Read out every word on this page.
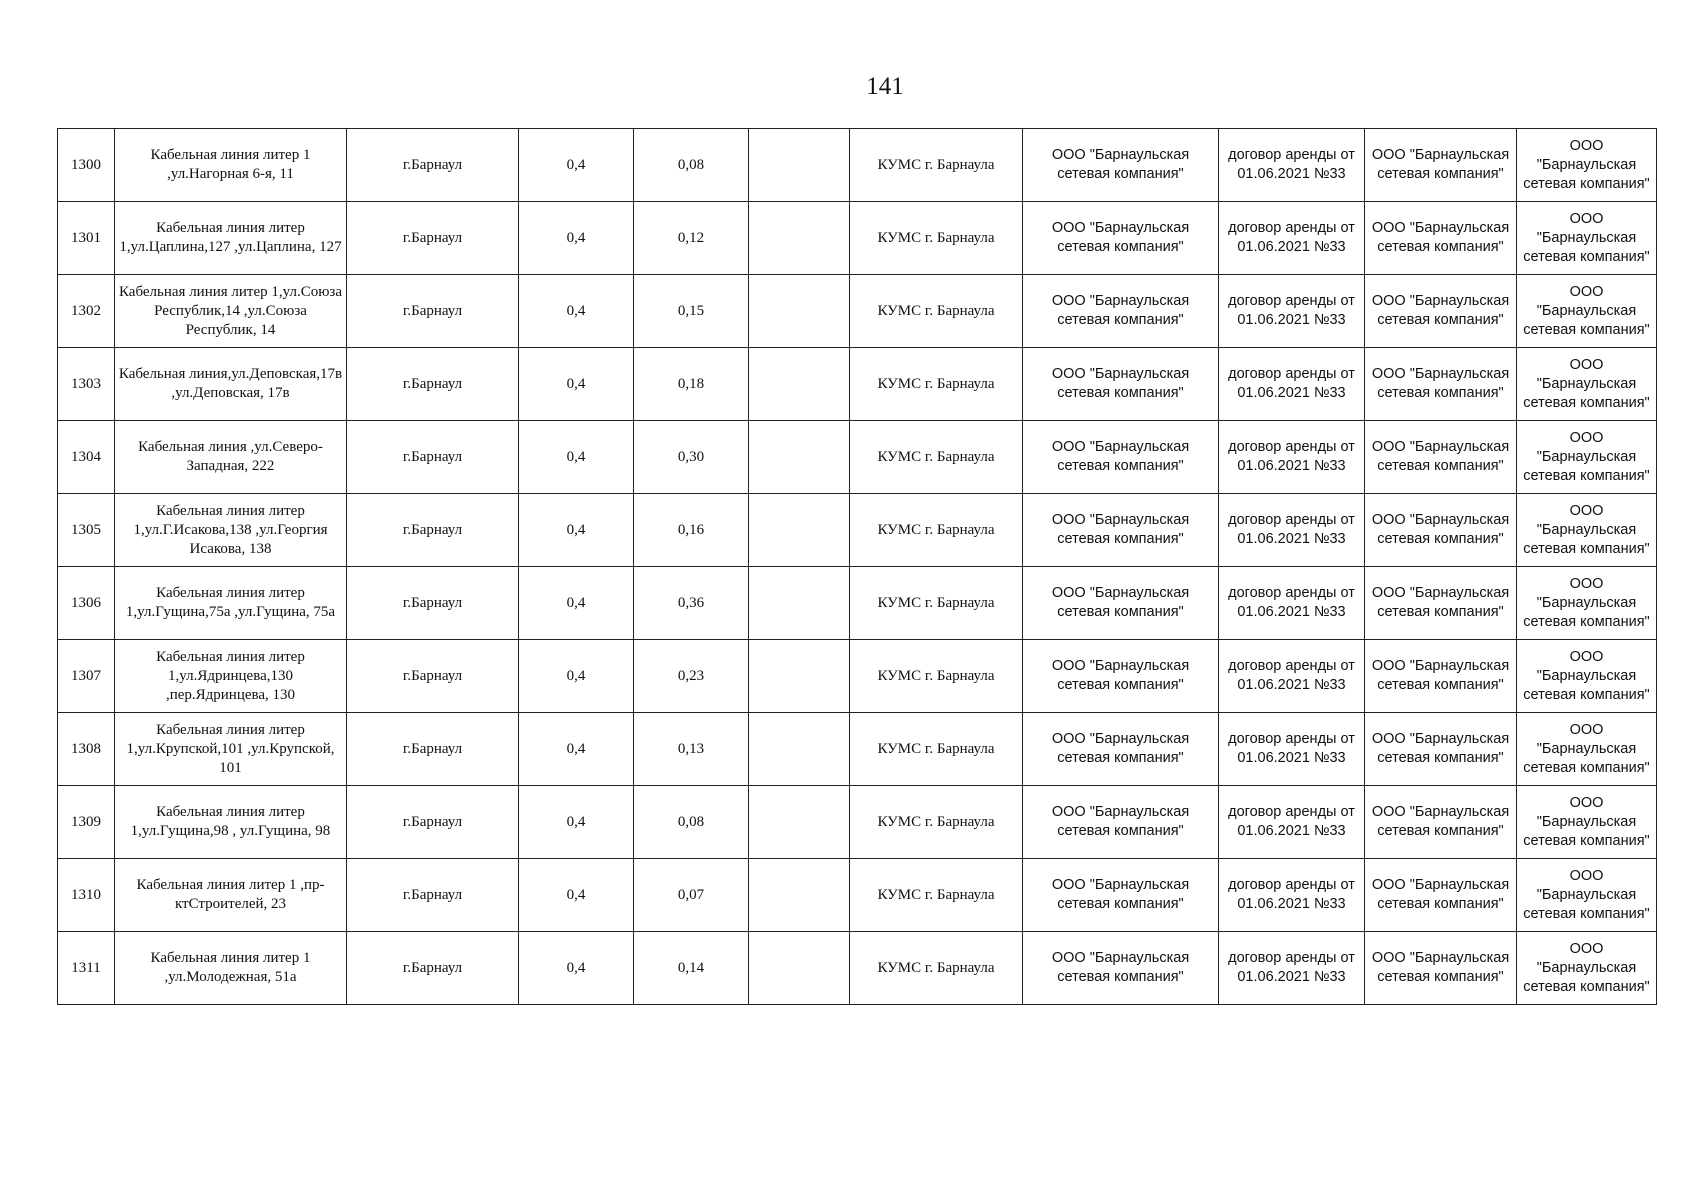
141
1300	Кабельная линия литер 1 ,ул.Нагорная 6-я, 11	г.Барнаул	0,4	0,08		КУМС г. Барнаула	ООО "Барнаульская сетевая компания"	договор аренды от 01.06.2021 №33	ООО "Барнаульская сетевая компания"	ООО "Барнаульская сетевая компания"
1301	Кабельная линия литер 1,ул.Цаплина,127 ,ул.Цаплина, 127	г.Барнаул	0,4	0,12		КУМС г. Барнаула	ООО "Барнаульская сетевая компания"	договор аренды от 01.06.2021 №33	ООО "Барнаульская сетевая компания"	ООО "Барнаульская сетевая компания"
1302	Кабельная линия литер 1,ул.Союза Республик,14 ,ул.Союза Республик, 14	г.Барнаул	0,4	0,15		КУМС г. Барнаула	ООО "Барнаульская сетевая компания"	договор аренды от 01.06.2021 №33	ООО "Барнаульская сетевая компания"	ООО "Барнаульская сетевая компания"
1303	Кабельная линия,ул.Деповская,17в ,ул.Деповская, 17в	г.Барнаул	0,4	0,18		КУМС г. Барнаула	ООО "Барнаульская сетевая компания"	договор аренды от 01.06.2021 №33	ООО "Барнаульская сетевая компания"	ООО "Барнаульская сетевая компания"
1304	Кабельная линия ,ул.Северо-Западная, 222	г.Барнаул	0,4	0,30		КУМС г. Барнаула	ООО "Барнаульская сетевая компания"	договор аренды от 01.06.2021 №33	ООО "Барнаульская сетевая компания"	ООО "Барнаульская сетевая компания"
1305	Кабельная линия литер 1,ул.Г.Исакова,138 ,ул.Георгия Исакова, 138	г.Барнаул	0,4	0,16		КУМС г. Барнаула	ООО "Барнаульская сетевая компания"	договор аренды от 01.06.2021 №33	ООО "Барнаульская сетевая компания"	ООО "Барнаульская сетевая компания"
1306	Кабельная линия литер 1,ул.Гущина,75а ,ул.Гущина, 75а	г.Барнаул	0,4	0,36		КУМС г. Барнаула	ООО "Барнаульская сетевая компания"	договор аренды от 01.06.2021 №33	ООО "Барнаульская сетевая компания"	ООО "Барнаульская сетевая компания"
1307	Кабельная линия литер 1,ул.Ядринцева,130 ,пер.Ядринцева, 130	г.Барнаул	0,4	0,23		КУМС г. Барнаула	ООО "Барнаульская сетевая компания"	договор аренды от 01.06.2021 №33	ООО "Барнаульская сетевая компания"	ООО "Барнаульская сетевая компания"
1308	Кабельная линия литер 1,ул.Крупской,101 ,ул.Крупской, 101	г.Барнаул	0,4	0,13		КУМС г. Барнаула	ООО "Барнаульская сетевая компания"	договор аренды от 01.06.2021 №33	ООО "Барнаульская сетевая компания"	ООО "Барнаульская сетевая компания"
1309	Кабельная линия литер 1,ул.Гущина,98 , ул.Гущина, 98	г.Барнаул	0,4	0,08		КУМС г. Барнаула	ООО "Барнаульская сетевая компания"	договор аренды от 01.06.2021 №33	ООО "Барнаульская сетевая компания"	ООО "Барнаульская сетевая компания"
1310	Кабельная линия литер 1 ,пр-ктСтроителей, 23	г.Барнаул	0,4	0,07		КУМС г. Барнаула	ООО "Барнаульская сетевая компания"	договор аренды от 01.06.2021 №33	ООО "Барнаульская сетевая компания"	ООО "Барнаульская сетевая компания"
1311	Кабельная линия литер 1 ,ул.Молодежная, 51а	г.Барнаул	0,4	0,14		КУМС г. Барнаула	ООО "Барнаульская сетевая компания"	договор аренды от 01.06.2021 №33	ООО "Барнаульская сетевая компания"	ООО "Барнаульская сетевая компания"
